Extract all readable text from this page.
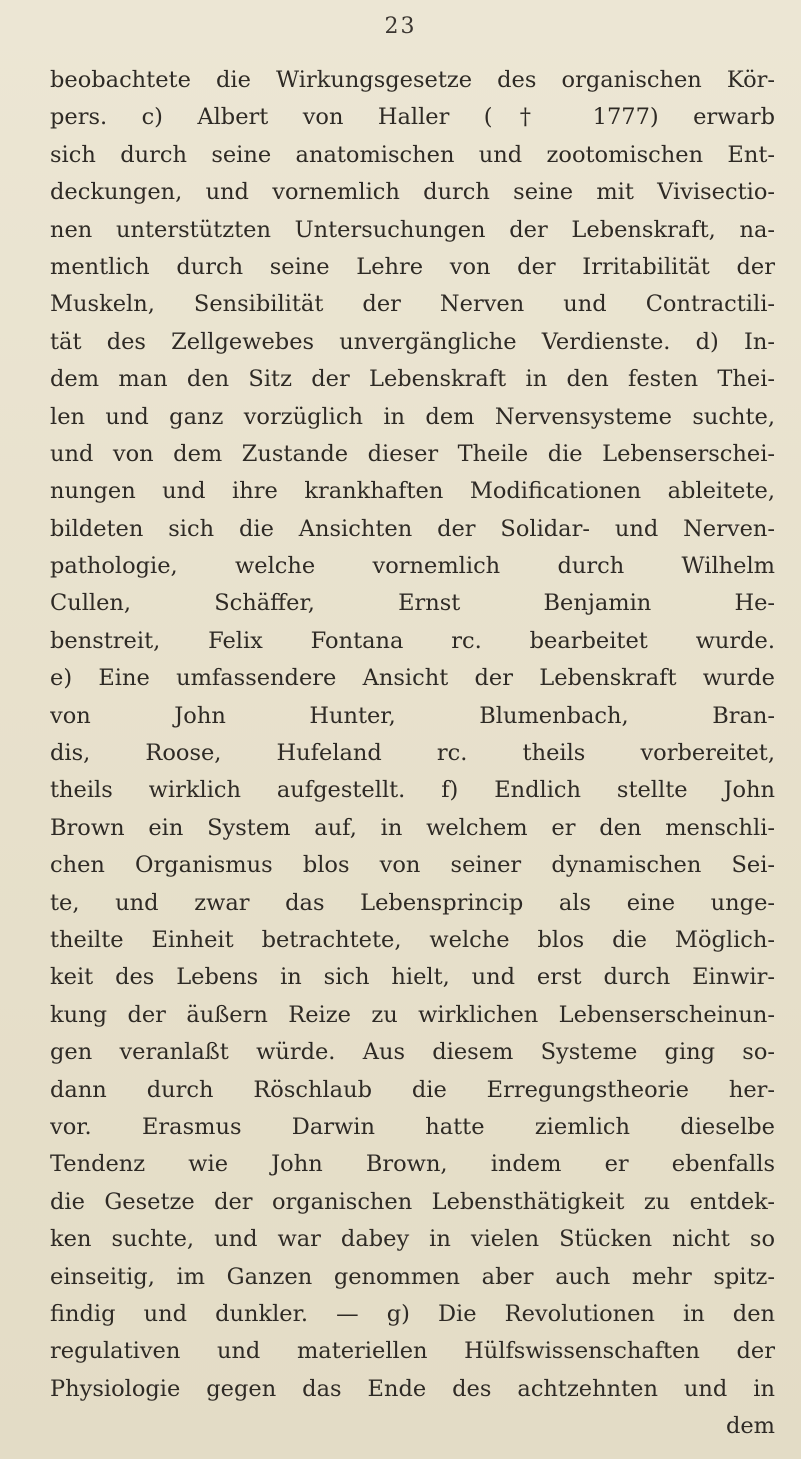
23
beobachtete die Wirkungsgesetze des organischen Kör-
pers. c) Albert von Haller († 1777) erwarb
sich durch seine anatomischen und zootomischen Ent-
deckungen, und vornemlich durch seine mit Vivisectio-
nen unterstützten Untersuchungen der Lebenskraft, na-
mentlich durch seine Lehre von der Irritabilität der
Muskeln, Sensibilität der Nerven und Contractili-
tät des Zellgewebes unvergängliche Verdienste. d) In-
dem man den Sitz der Lebenskraft in den festen Thei-
len und ganz vorzüglich in dem Nervensysteme suchte,
und von dem Zustande dieser Theile die Lebenserschei-
nungen und ihre krankhaften Modificationen ableitete,
bildeten sich die Ansichten der Solidar- und Nerven-
pathologie, welche vornemlich durch Wilhelm
Cullen, Schäffer, Ernst Benjamin He-
benstreit, Felix Fontana rc. bearbeitet wurde.
e) Eine umfassendere Ansicht der Lebenskraft wurde
von John Hunter, Blumenbach, Bran-
dis, Roose, Hufeland rc. theils vorbereitet,
theils wirklich aufgestellt. f) Endlich stellte John
Brown ein System auf, in welchem er den menschli-
chen Organismus blos von seiner dynamischen Sei-
te, und zwar das Lebensprincip als eine unge-
theilte Einheit betrachtete, welche blos die Möglich-
keit des Lebens in sich hielt, und erst durch Einwir-
kung der äußern Reize zu wirklichen Lebenserscheinun-
gen veranlaßt würde. Aus diesem Systeme ging so-
dann durch Röschlaub die Erregungstheorie her-
vor. Erasmus Darwin hatte ziemlich dieselbe
Tendenz wie John Brown, indem er ebenfalls
die Gesetze der organischen Lebensthätigkeit zu entdek-
ken suchte, und war dabey in vielen Stücken nicht so
einseitig, im Ganzen genommen aber auch mehr spitz-
findig und dunkler. — g) Die Revolutionen in den
regulativen und materiellen Hülfswissenschaften der
Physiologie gegen das Ende des achtzehnten und in
dem
